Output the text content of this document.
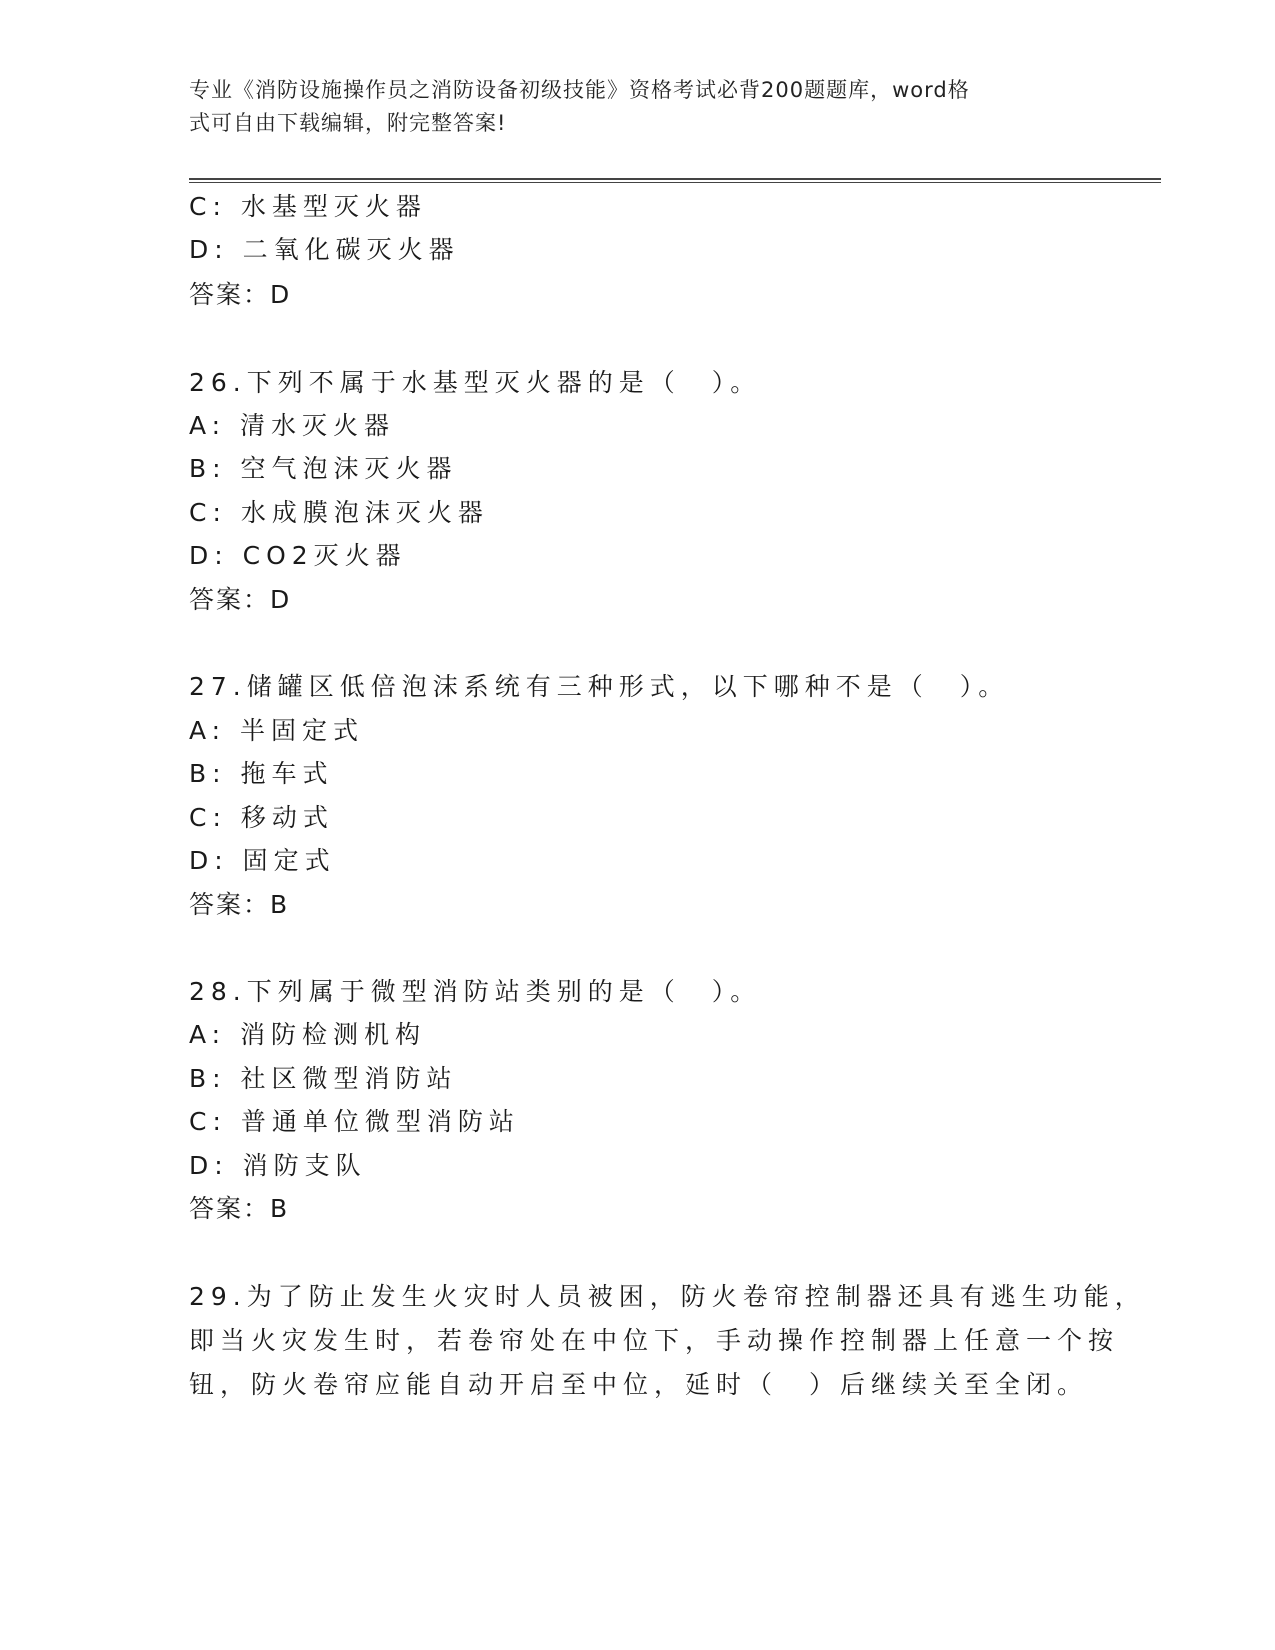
专业《消防设施操作员之消防设备初级技能》资格考试必背200题题库，word格
式可自由下载编辑，附完整答案!
C: 水基型灭火器
D: 二氧化碳灭火器
答案：D
26.下列不属于水基型灭火器的是（　）。
A: 清水灭火器
B: 空气泡沫灭火器
C: 水成膜泡沫灭火器
D: CO2灭火器
答案：D
27.储罐区低倍泡沫系统有三种形式，以下哪种不是（　）。
A: 半固定式
B: 拖车式
C: 移动式
D: 固定式
答案：B
28.下列属于微型消防站类别的是（　）。
A: 消防检测机构
B: 社区微型消防站
C: 普通单位微型消防站
D: 消防支队
答案：B
29.为了防止发生火灾时人员被困，防火卷帘控制器还具有逃生功能，
即当火灾发生时，若卷帘处在中位下，手动操作控制器上任意一个按
钮，防火卷帘应能自动开启至中位，延时（　）后继续关至全闭。
